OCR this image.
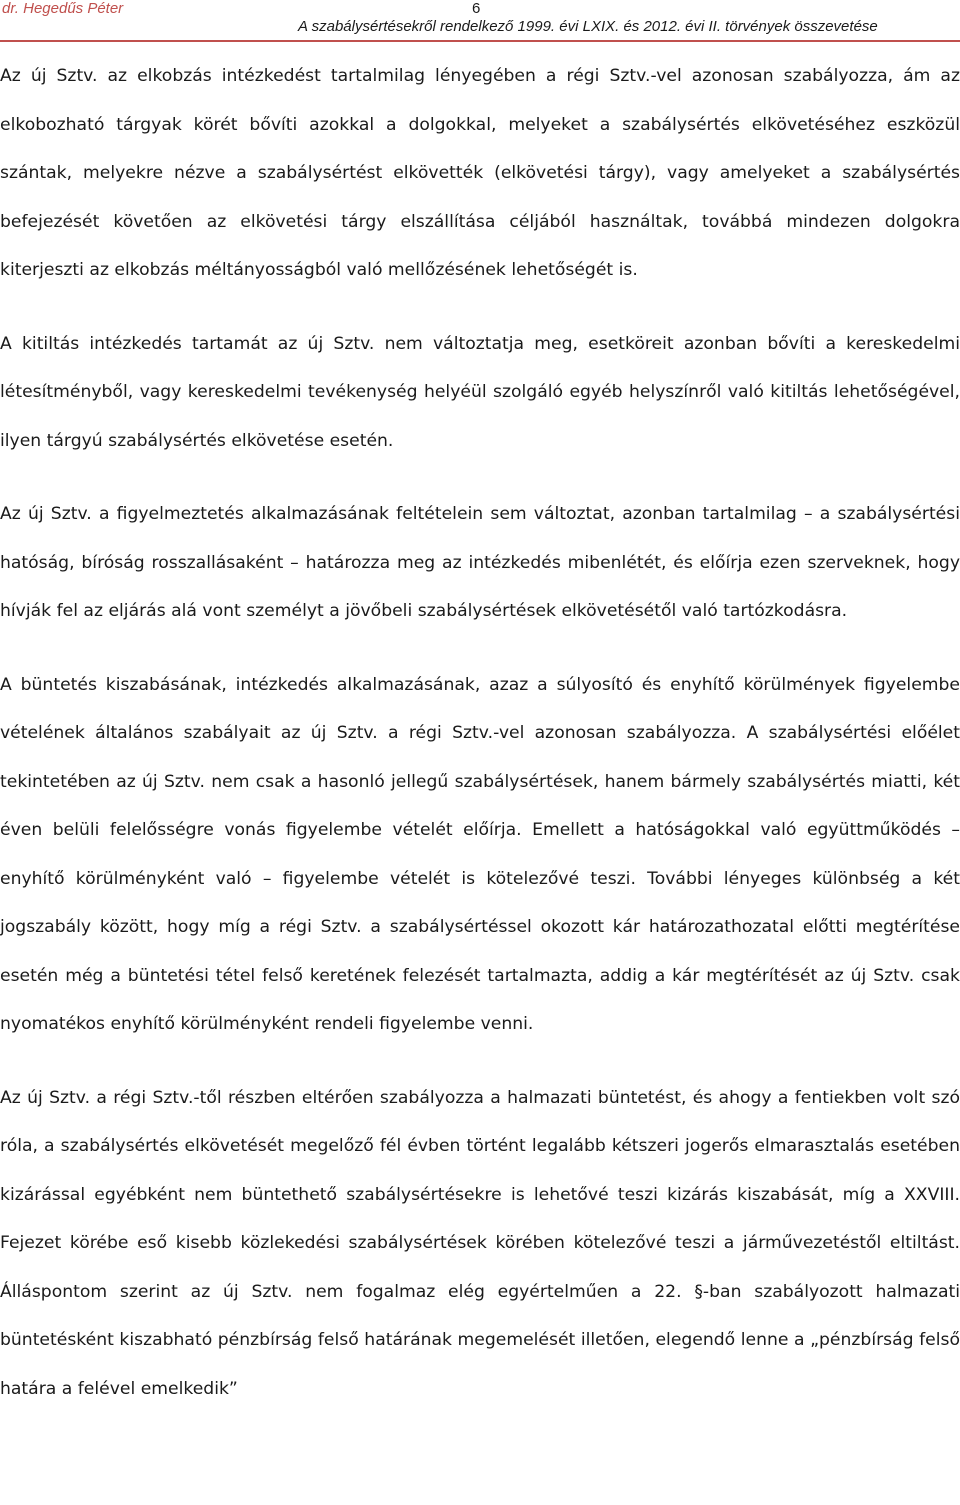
dr. Hegedűs Péter	6
A szabálysértésekről rendelkező 1999. évi LXIX. és 2012. évi II. törvények összevetése

Az új Sztv. az elkobzás intézkedést tartalmilag lényegében a régi Sztv.-vel azonosan szabályozza, ám az elkobozható tárgyak körét bővíti azokkal a dolgokkal, melyeket a szabálysértés elkövetéséhez eszközül szántak, melyekre nézve a szabálysértést elkövették (elkövetési tárgy), vagy amelyeket a szabálysértés befejezését követően az elkövetési tárgy elszállítása céljából használtak, továbbá mindezen dolgokra kiterjeszti az elkobzás méltányosságból való mellőzésének lehetőségét is.

A kitiltás intézkedés tartamát az új Sztv. nem változtatja meg, esetköreit azonban bővíti a kereskedelmi létesítményből, vagy kereskedelmi tevékenység helyéül szolgáló egyéb helyszínről való kitiltás lehetőségével, ilyen tárgyú szabálysértés elkövetése esetén.

Az új Sztv. a figyelmeztetés alkalmazásának feltételein sem változtat, azonban tartalmilag – a szabálysértési hatóság, bíróság rosszallásaként – határozza meg az intézkedés mibenlétét, és előírja ezen szerveknek, hogy hívják fel az eljárás alá vont személyt a jövőbeli szabálysértések elkövetésétől való tartózkodásra.

A büntetés kiszabásának, intézkedés alkalmazásának, azaz a súlyosító és enyhítő körülmények figyelembe vételének általános szabályait az új Sztv. a régi Sztv.-vel azonosan szabályozza. A szabálysértési előélet tekintetében az új Sztv. nem csak a hasonló jellegű szabálysértések, hanem bármely szabálysértés miatti, két éven belüli felelősségre vonás figyelembe vételét előírja. Emellett a hatóságokkal való együttműködés – enyhítő körülményként való – figyelembe vételét is kötelezővé teszi. További lényeges különbség a két jogszabály között, hogy míg a régi Sztv. a szabálysértéssel okozott kár határozathozatal előtti megtérítése esetén még a büntetési tétel felső keretének felezését tartalmazta, addig a kár megtérítését az új Sztv. csak nyomatékos enyhítő körülményként rendeli figyelembe venni.

Az új Sztv. a régi Sztv.-től részben eltérően szabályozza a halmazati büntetést, és ahogy a fentiekben volt szó róla, a szabálysértés elkövetését megelőző fél évben történt legalább kétszeri jogerős elmarasztalás esetében kizárással egyébként nem büntethető szabálysértésekre is lehetővé teszi kizárás kiszabását, míg a XXVIII. Fejezet körébe eső kisebb közlekedési szabálysértések körében kötelezővé teszi a járművezetéstől eltiltást. Álláspontom szerint az új Sztv. nem fogalmaz elég egyértelműen a 22. §-ban szabályozott halmazati büntetésként kiszabható pénzbírság felső határának megemelését illetően, elegendő lenne a „pénzbírság felső határa a felével emelkedik”
